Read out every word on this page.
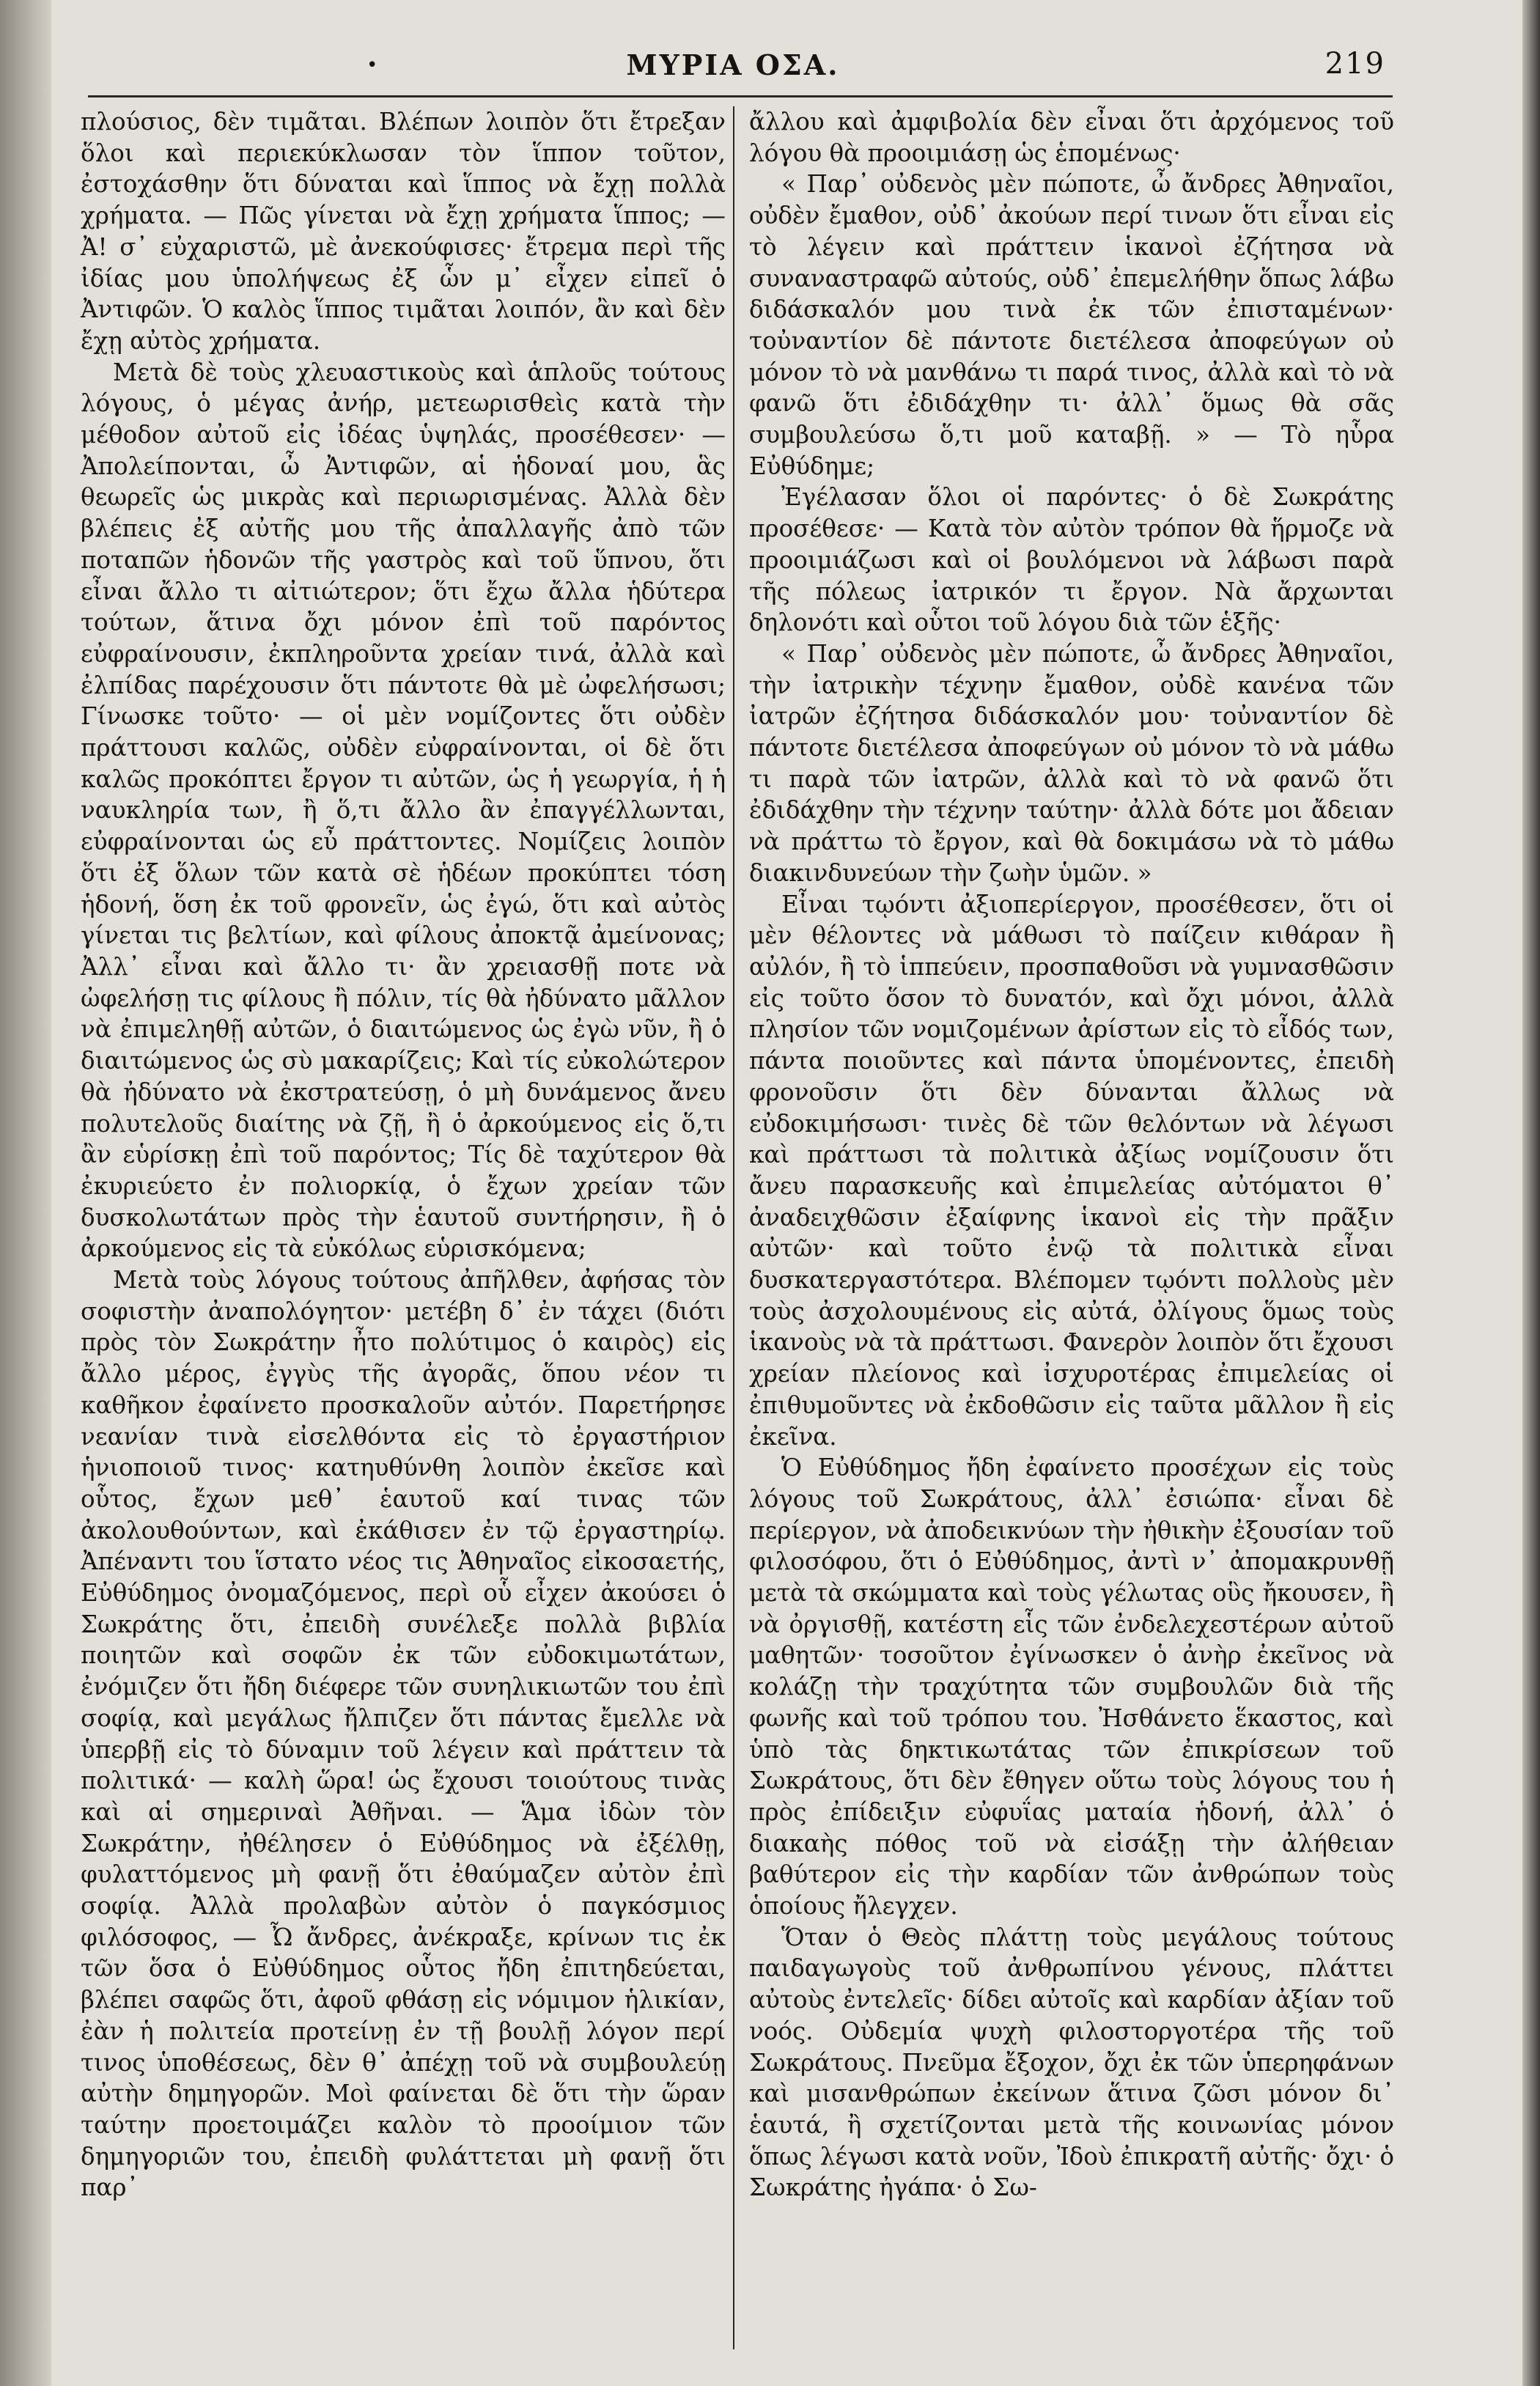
•	ΜΥΡΙΑ ΟΣΑ.	219

πλούσιος, δὲν τιμᾶται. Βλέπων λοιπὸν ὅτι ἔτρεξαν ὅλοι καὶ περιεκύκλωσαν τὸν ἵππον τοῦτον, ἐστοχάσθην ὅτι δύναται καὶ ἵππος νὰ ἔχῃ πολλὰ χρήματα. — Πῶς γίνεται νὰ ἔχῃ χρήματα ἵππος; — Ἀ! σ᾽ εὐχαριστῶ, μὲ ἀνεκούφισες· ἔτρεμα περὶ τῆς ἰδίας μου ὑπολήψεως ἐξ ὧν μ᾽ εἶχεν εἰπεῖ ὁ Ἀντιφῶν. Ὁ καλὸς ἵππος τιμᾶται λοιπόν, ἂν καὶ δὲν ἔχῃ αὐτὸς χρήματα.

Μετὰ δὲ τοὺς χλευαστικοὺς καὶ ἁπλοῦς τούτους λόγους, ὁ μέγας ἀνήρ, μετεωρισθεὶς κατὰ τὴν μέθοδον αὐτοῦ εἰς ἰδέας ὑψηλάς, προσέθεσεν· — Ἀπολείπονται, ὦ Ἀντιφῶν, αἱ ἡδοναί μου, ἃς θεωρεῖς ὡς μικρὰς καὶ περιωρισμένας. Ἀλλὰ δὲν βλέπεις ἐξ αὐτῆς μου τῆς ἀπαλλαγῆς ἀπὸ τῶν ποταπῶν ἡδονῶν τῆς γαστρὸς καὶ τοῦ ὕπνου, ὅτι εἶναι ἄλλο τι αἰτιώτερον; ὅτι ἔχω ἄλλα ἡδύτερα τούτων, ἅτινα ὄχι μόνον ἐπὶ τοῦ παρόντος εὐφραίνουσιν, ἐκπληροῦντα χρείαν τινά, ἀλλὰ καὶ ἐλπίδας παρέχουσιν ὅτι πάντοτε θὰ μὲ ὠφελήσωσι; Γίνωσκε τοῦτο· — οἱ μὲν νομίζοντες ὅτι οὐδὲν πράττουσι καλῶς, οὐδὲν εὐφραίνονται, οἱ δὲ ὅτι καλῶς προκόπτει ἔργον τι αὐτῶν, ὡς ἡ γεωργία, ἡ ἡ ναυκληρία των, ἢ ὅ,τι ἄλλο ἂν ἐπαγγέλλωνται, εὐφραίνονται ὡς εὖ πράττοντες. Νομίζεις λοιπὸν ὅτι ἐξ ὅλων τῶν κατὰ σὲ ἡδέων προκύπτει τόση ἡδονή, ὅση ἐκ τοῦ φρονεῖν, ὡς ἐγώ, ὅτι καὶ αὐτὸς γίνεται τις βελτίων, καὶ φίλους ἀποκτᾷ ἀμείνονας; Ἀλλ᾽ εἶναι καὶ ἄλλο τι· ἂν χρειασθῇ ποτε νὰ ὠφελήσῃ τις φίλους ἢ πόλιν, τίς θὰ ἠδύνατο μᾶλλον νὰ ἐπιμεληθῇ αὐτῶν, ὁ διαιτώμενος ὡς ἐγὼ νῦν, ἢ ὁ διαιτώμενος ὡς σὺ μακαρίζεις; Καὶ τίς εὐκολώτερον θὰ ἠδύνατο νὰ ἐκστρατεύσῃ, ὁ μὴ δυνάμενος ἄνευ πολυτελοῦς διαίτης νὰ ζῇ, ἢ ὁ ἀρκούμενος εἰς ὅ,τι ἂν εὑρίσκῃ ἐπὶ τοῦ παρόντος; Τίς δὲ ταχύτερον θὰ ἐκυριεύετο ἐν πολιορκίᾳ, ὁ ἔχων χρείαν τῶν δυσκολωτάτων πρὸς τὴν ἑαυτοῦ συντήρησιν, ἢ ὁ ἀρκούμενος εἰς τὰ εὐκόλως εὑρισκόμενα;

Μετὰ τοὺς λόγους τούτους ἀπῆλθεν, ἀφήσας τὸν σοφιστὴν ἀναπολόγητον· μετέβη δ᾽ ἐν τάχει (διότι πρὸς τὸν Σωκράτην ἦτο πολύτιμος ὁ καιρὸς) εἰς ἄλλο μέρος, ἐγγὺς τῆς ἀγορᾶς, ὅπου νέον τι καθῆκον ἐφαίνετο προσκαλοῦν αὐτόν. Παρετήρησε νεανίαν τινὰ εἰσελθόντα εἰς τὸ ἐργαστήριον ἡνιοποιοῦ τινος· κατηυθύνθη λοιπὸν ἐκεῖσε καὶ οὗτος, ἔχων μεθ᾽ ἑαυτοῦ καί τινας τῶν ἀκολουθούντων, καὶ ἐκάθισεν ἐν τῷ ἐργαστηρίῳ. Ἀπέναντι του ἵστατο νέος τις Ἀθηναῖος εἰκοσαετής, Εὐθύδημος ὀνομαζόμενος, περὶ οὗ εἶχεν ἀκούσει ὁ Σωκράτης ὅτι, ἐπειδὴ συνέλεξε πολλὰ βιβλία ποιητῶν καὶ σοφῶν ἐκ τῶν εὐδοκιμωτάτων, ἐνόμιζεν ὅτι ἤδη διέφερε τῶν συνηλικιωτῶν του ἐπὶ σοφίᾳ, καὶ μεγάλως ἤλπιζεν ὅτι πάντας ἔμελλε νὰ ὑπερβῇ εἰς τὸ δύναμιν τοῦ λέγειν καὶ πράττειν τὰ πολιτικά· — καλὴ ὥρα! ὡς ἔχουσι τοιούτους τινὰς καὶ αἱ σημεριναὶ Ἀθῆναι. — Ἅμα ἰδὼν τὸν Σωκράτην, ἠθέλησεν ὁ Εὐθύδημος νὰ ἐξέλθῃ, φυλαττόμενος μὴ φανῇ ὅτι ἐθαύμαζεν αὐτὸν ἐπὶ σοφίᾳ. Ἀλλὰ προλαβὼν αὐτὸν ὁ παγκόσμιος φιλόσοφος, — Ὦ ἄνδρες, ἀνέκραξε, κρίνων τις ἐκ τῶν ὅσα ὁ Εὐθύδημος οὗτος ἤδη ἐπιτηδεύεται, βλέπει σαφῶς ὅτι, ἀφοῦ φθάσῃ εἰς νόμιμον ἡλικίαν, ἐὰν ἡ πολιτεία προτείνῃ ἐν τῇ βουλῇ λόγον περί τινος ὑποθέσεως, δὲν θ᾽ ἀπέχῃ τοῦ νὰ συμβουλεύῃ αὐτὴν δημηγορῶν. Μοὶ φαίνεται δὲ ὅτι τὴν ὥραν ταύτην προετοιμάζει καλὸν τὸ προοίμιον τῶν δημηγοριῶν του, ἐπειδὴ φυλάττεται μὴ φανῇ ὅτι παρ᾽

ἄλλου καὶ ἀμφιβολία δὲν εἶναι ὅτι ἀρχόμενος τοῦ λόγου θὰ προοιμιάσῃ ὡς ἑπομένως·

« Παρ᾽ οὐδενὸς μὲν πώποτε, ὦ ἄνδρες Ἀθηναῖοι, οὐδὲν ἔμαθον, οὐδ᾽ ἀκούων περί τινων ὅτι εἶναι εἰς τὸ λέγειν καὶ πράττειν ἱκανοὶ ἐζήτησα νὰ συναναστραφῶ αὐτούς, οὐδ᾽ ἐπεμελήθην ὅπως λάβω διδάσκαλόν μου τινὰ ἐκ τῶν ἐπισταμένων· τοὐναντίον δὲ πάντοτε διετέλεσα ἀποφεύγων οὐ μόνον τὸ νὰ μανθάνω τι παρά τινος, ἀλλὰ καὶ τὸ νὰ φανῶ ὅτι ἐδιδάχθην τι· ἀλλ᾽ ὅμως θὰ σᾶς συμβουλεύσω ὅ,τι μοῦ καταβῇ. » — Τὸ ηὗρα Εὐθύδημε;

Ἐγέλασαν ὅλοι οἱ παρόντες· ὁ δὲ Σωκράτης προσέθεσε· — Κατὰ τὸν αὐτὸν τρόπον θὰ ἥρμοζε νὰ προοιμιάζωσι καὶ οἱ βουλόμενοι νὰ λάβωσι παρὰ τῆς πόλεως ἰατρικόν τι ἔργον. Νὰ ἄρχωνται δηλονότι καὶ οὗτοι τοῦ λόγου διὰ τῶν ἑξῆς·

« Παρ᾽ οὐδενὸς μὲν πώποτε, ὦ ἄνδρες Ἀθηναῖοι, τὴν ἰατρικὴν τέχνην ἔμαθον, οὐδὲ κανένα τῶν ἰατρῶν ἐζήτησα διδάσκαλόν μου· τοὐναντίον δὲ πάντοτε διετέλεσα ἀποφεύγων οὐ μόνον τὸ νὰ μάθω τι παρὰ τῶν ἰατρῶν, ἀλλὰ καὶ τὸ νὰ φανῶ ὅτι ἐδιδάχθην τὴν τέχνην ταύτην· ἀλλὰ δότε μοι ἄδειαν νὰ πράττω τὸ ἔργον, καὶ θὰ δοκιμάσω νὰ τὸ μάθω διακινδυνεύων τὴν ζωὴν ὑμῶν. »

Εἶναι τῳόντι ἀξιοπερίεργον, προσέθεσεν, ὅτι οἱ μὲν θέλοντες νὰ μάθωσι τὸ παίζειν κιθάραν ἢ αὐλόν, ἢ τὸ ἱππεύειν, προσπαθοῦσι νὰ γυμνασθῶσιν εἰς τοῦτο ὅσον τὸ δυνατόν, καὶ ὄχι μόνοι, ἀλλὰ πλησίον τῶν νομιζομένων ἀρίστων εἰς τὸ εἶδός των, πάντα ποιοῦντες καὶ πάντα ὑπομένοντες, ἐπειδὴ φρονοῦσιν ὅτι δὲν δύνανται ἄλλως νὰ εὐδοκιμήσωσι· τινὲς δὲ τῶν θελόντων νὰ λέγωσι καὶ πράττωσι τὰ πολιτικὰ ἀξίως νομίζουσιν ὅτι ἄνευ παρασκευῆς καὶ ἐπιμελείας αὐτόματοι θ᾽ ἀναδειχθῶσιν ἐξαίφνης ἱκανοὶ εἰς τὴν πρᾶξιν αὐτῶν· καὶ τοῦτο ἐνῷ τὰ πολιτικὰ εἶναι δυσκατεργαστότερα. Βλέπομεν τῳόντι πολλοὺς μὲν τοὺς ἀσχολουμένους εἰς αὐτά, ὀλίγους ὅμως τοὺς ἱκανοὺς νὰ τὰ πράττωσι. Φανερὸν λοιπὸν ὅτι ἔχουσι χρείαν πλείονος καὶ ἰσχυροτέρας ἐπιμελείας οἱ ἐπιθυμοῦντες νὰ ἐκδοθῶσιν εἰς ταῦτα μᾶλλον ἢ εἰς ἐκεῖνα.

Ὁ Εὐθύδημος ἤδη ἐφαίνετο προσέχων εἰς τοὺς λόγους τοῦ Σωκράτους, ἀλλ᾽ ἐσιώπα· εἶναι δὲ περίεργον, νὰ ἀποδεικνύων τὴν ἠθικὴν ἐξουσίαν τοῦ φιλοσόφου, ὅτι ὁ Εὐθύδημος, ἀντὶ ν᾽ ἀπομακρυνθῇ μετὰ τὰ σκώμματα καὶ τοὺς γέλωτας οὓς ἤκουσεν, ἢ νὰ ὀργισθῇ, κατέστη εἷς τῶν ἐνδελεχεστέρων αὐτοῦ μαθητῶν· τοσοῦτον ἐγίνωσκεν ὁ ἀνὴρ ἐκεῖνος νὰ κολάζῃ τὴν τραχύτητα τῶν συμβουλῶν διὰ τῆς φωνῆς καὶ τοῦ τρόπου του. Ἠσθάνετο ἕκαστος, καὶ ὑπὸ τὰς δηκτικωτάτας τῶν ἐπικρίσεων τοῦ Σωκράτους, ὅτι δὲν ἔθηγεν οὕτω τοὺς λόγους του ἡ πρὸς ἐπίδειξιν εὐφυΐας ματαία ἡδονή, ἀλλ᾽ ὁ διακαὴς πόθος τοῦ νὰ εἰσάξῃ τὴν ἀλήθειαν βαθύτερον εἰς τὴν καρδίαν τῶν ἀνθρώπων τοὺς ὁποίους ἤλεγχεν.

Ὅταν ὁ Θεὸς πλάττῃ τοὺς μεγάλους τούτους παιδαγωγοὺς τοῦ ἀνθρωπίνου γένους, πλάττει αὐτοὺς ἐντελεῖς· δίδει αὐτοῖς καὶ καρδίαν ἀξίαν τοῦ νοός. Οὐδεμία ψυχὴ φιλοστοργοτέρα τῆς τοῦ Σωκράτους. Πνεῦμα ἔξοχον, ὄχι ἐκ τῶν ὑπερηφάνων καὶ μισανθρώπων ἐκείνων ἅτινα ζῶσι μόνον δι᾽ ἑαυτά, ἢ σχετίζονται μετὰ τῆς κοινωνίας μόνον ὅπως λέγωσι κατὰ νοῦν, Ἰδοὺ ἐπικρατῆ αὐτῆς· ὄχι· ὁ Σωκράτης ἠγάπα· ὁ Σω-
